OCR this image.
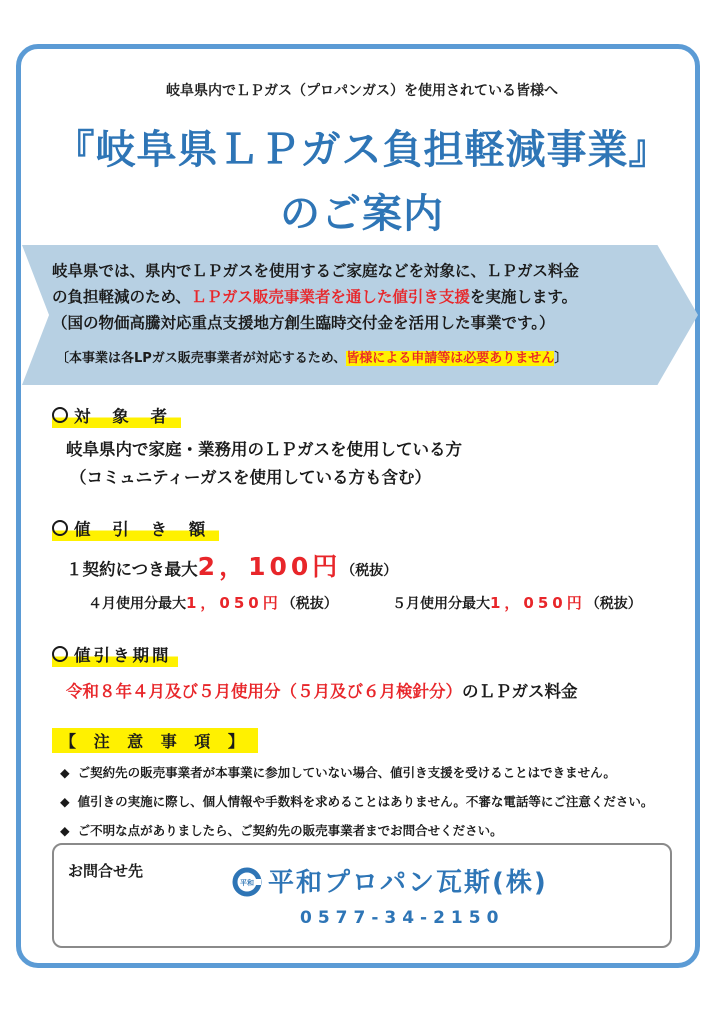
岐阜県内でＬＰガス（プロパンガス）を使用されている皆様へ
『岐阜県ＬＰガス負担軽減事業』
のご案内
岐阜県では、県内でＬＰガスを使用するご家庭などを対象に、ＬＰガス料金
の負担軽減のため、ＬＰガス販売事業者を通した値引き支援を実施します。
（国の物価高騰対応重点支援地方創生臨時交付金を活用した事業です。）
〔本事業は各LPガス販売事業者が対応するため、皆様による申請等は必要ありません〕
対 象 者
岐阜県内で家庭・業務用のＬＰガスを使用している方
（コミュニティーガスを使用している方も含む）
値 引 き 額
１契約につき最大2，100円（税抜）
４月使用分最大1，050円（税抜）	５月使用分最大1，050円（税抜）
値引き期間
令和８年４月及び５月使用分（５月及び６月検針分）のＬＰガス料金
【 注 意 事 項 】
◆ ご契約先の販売事業者が本事業に参加していない場合、値引き支援を受けることはできません。
◆ 値引きの実施に際し、個人情報や手数料を求めることはありません。不審な電話等にご注意ください。
◆ ご不明な点がありましたら、ご契約先の販売事業者までお問合せください。
お問合せ先
平和 平和プロパン瓦斯(株)
0577-34-2150
